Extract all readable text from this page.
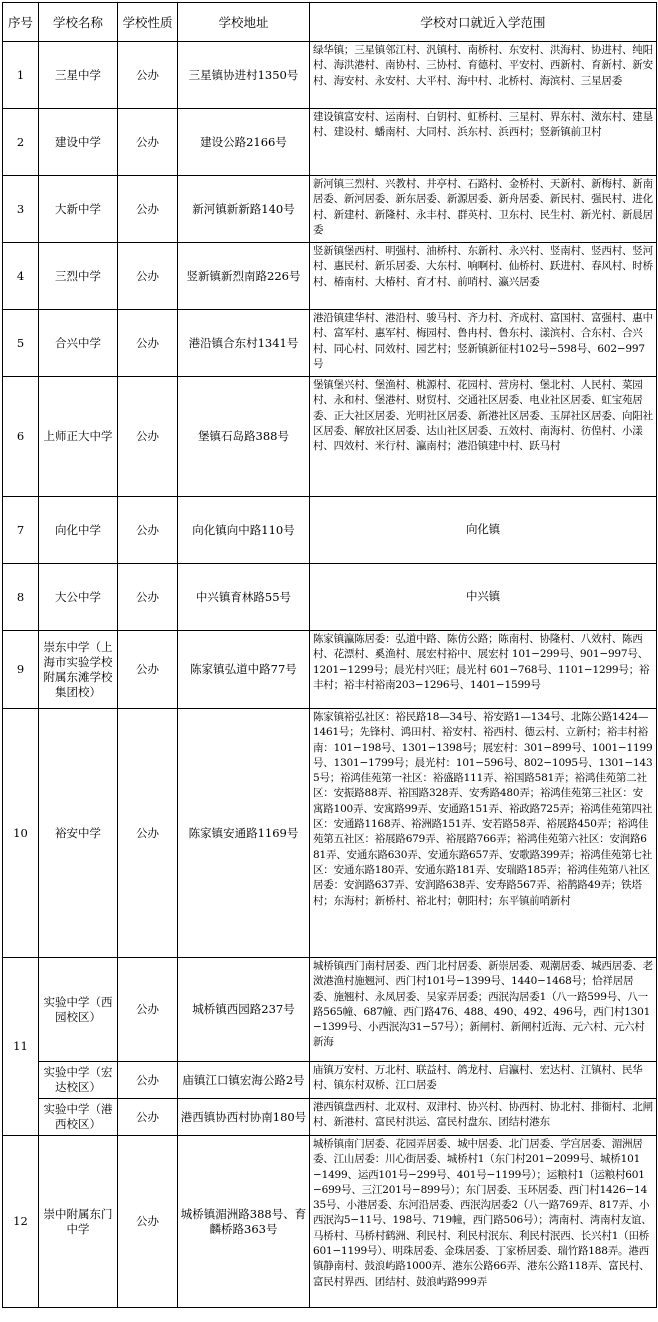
序号	学校名称	学校性质	学校地址	学校对口就近入学范围
1	三星中学	公办	三星镇协进村1350号	绿华镇；三星镇邻江村、汎镇村、南桥村、东安村、洪海村、协进村、纯阳村、海洪港村、南协村、三协村、育德村、平安村、西新村、育新村、新安村、海安村、永安村、大平村、海中村、北桥村、海滨村、三星居委
2	建设中学	公办	建设公路2166号	建设镇富安村、运南村、白钥村、虹桥村、三星村、界东村、滧东村、建垦村、建设村、蟠南村、大同村、浜东村、浜西村；竖新镇前卫村
3	大新中学	公办	新河镇新新路140号	新河镇三烈村、兴教村、井亭村、石路村、金桥村、天新村、新梅村、新南居委、新河居委、新东居委、新源居委、新舟居委、新民村、强民村、进化村、新建村、新隆村、永丰村、群英村、卫东村、民生村、新光村、新晨居委
4	三烈中学	公办	竖新镇新烈南路226号	竖新镇堡西村、明强村、油桥村、东新村、永兴村、竖南村、竖西村、竖河村、惠民村、新乐居委、大东村、响啊村、仙桥村、跃进村、春风村、时桥村、椿南村、大椿村、育才村、前哨村、瀛兴居委
5	合兴中学	公办	港沿镇合东村1341号	港沿镇建华村、港沿村、骏马村、齐力村、齐成村、富国村、富强村、惠中村、富军村、惠军村、梅园村、鲁冉村、鲁东村、漾滨村、合东村、合兴村、同心村、同效村、园艺村；竖新镇新征村102号−598号、602−997号
6	上师正大中学	公办	堡镇石岛路388号	堡镇堡兴村、堡渔村、桃源村、花园村、营房村、堡北村、人民村、菜园村、永和村、堡港村、财贸村、交通社区居委、电业社区居委、虹宝苑居委、正大社区居委、光明社区居委、新港社区居委、玉屏社区居委、向阳社区居委、解放社区居委、达山社区居委、五效村、南海村、彷偟村、小漾村、四效村、米行村、瀛南村；港沿镇建中村、跃马村
7	向化中学	公办	向化镇向中路110号	向化镇
8	大公中学	公办	中兴镇育林路55号	中兴镇
9	崇东中学（上海市实验学校附属东滩学校集团校）	公办	陈家镇弘道中路77号	陈家镇瀛陈居委：弘道中路、陈仿公路；陈南村、协隆村、八效村、陈西村、花漂村、奚渔村、展宏村裕中、展宏村 101−299号、901−997号、1201−1299号；晨光村兴旺；晨光村 601−768号、1101−1299号；裕丰村；裕丰村裕南203−1296号、1401−1599号
10	裕安中学	公办	陈家镇安通路1169号	陈家镇裕弘社区：裕民路18—34号、裕安路1—134号、北陈公路1424—1461号；先锋村、鸿田村、裕安村、裕西村、德云村、立新村；裕丰村裕南：101−198号、1301−1398号；展宏村：301−899号、1001−1199号、1301−1799号；晨光村：101−596号、802−1095号、1301−1435号；裕鸿佳苑第一社区：裕盛路111弄、裕国路581弄；裕鸿佳苑第二社区：安振路88弄、裕国路328弄、安秀路480弄；裕鸿佳苑第三社区：安寓路100弄、安寓路99弄、安通路151弄、裕政路725弄；裕鸿佳苑第四社区：安通路1168弄、裕洲路151弄、安若路58弄、裕展路450弄；裕鸿佳苑第五社区：裕展路679弄、裕展路766弄；裕鸿佳苑第六社区：安润路681弄、安通东路630弄、安通东路657弄、安歌路399弄；裕鸿佳苑第七社区：安通东路180弄、安通东路181弄、安瑞路185弄；裕鸿佳苑第八社区居委：安润路637弄、安润路638弄、安寿路567弄、裕鹊路49弄；铁塔村；东海村；新桥村、裕北村；朝阳村；东平镇前哨新村
11	实验中学（西园校区）	公办	城桥镇西园路237号	城桥镇西门南村居委、西门北村居委、新崇居委、观潮居委、城西居委、老滧港渔村施翘河、西门村101号−1399号、1440−1468号；恰祥居居委、施翘村、永凤居委、吴家弄居委；西泯沟居委1（八一路599号、八一路565幢、687幢、西门路476、488、490、492、496号，西门村1301−1399号、小西泯沟31−57号）；新闸村、新闸村近海、元六村、元六村新海
	实验中学（宏达校区）	公办	庙镇江口镇宏海公路2号	庙镇万安村、万北村、联益村、鸽龙村、启瀛村、宏达村、江镇村、民华村、镇东村双桥、江口居委
	实验中学（港西校区）	公办	港西镇协西村协南180号	港西镇盘西村、北双村、双津村、协兴村、协西村、协北村、排衙村、北闸村、新港村、富民村洪运、富民村盘东、团结村港东
12	崇中附属东门中学	公办	城桥镇湄洲路388号、育麟桥路363号	城桥镇南门居委、花园弄居委、城中居委、北门居委、学宫居委、湄洲居委、江山居委：川心街居委、城桥村1（东门村201−2099号、城桥101−1499、运西101号−299号、401号−1199号）；运粮村1（运粮村601−699号、三江201号−899号）；东门居委、玉环居委、西门村1426−1435号、小港居委、东河沿居委、西泯沟居委2（八一路769弄、817弄、小西泯沟5−11号、198号、719幢，西门路506号）；湾南村、湾南村友谊、马桥村、马桥村鹤洲、利民村、利民村泯东、利民村泯西、长兴村1（田桥601−1199号）、明珠居委、金珠居委、丁家桥居委、瑞竹路188弄。港西镇静南村、鼓浪屿路1000弄、港东公路66弄、港东公路118弄、富民村、富民村界西、团结村、鼓浪屿路999弄
